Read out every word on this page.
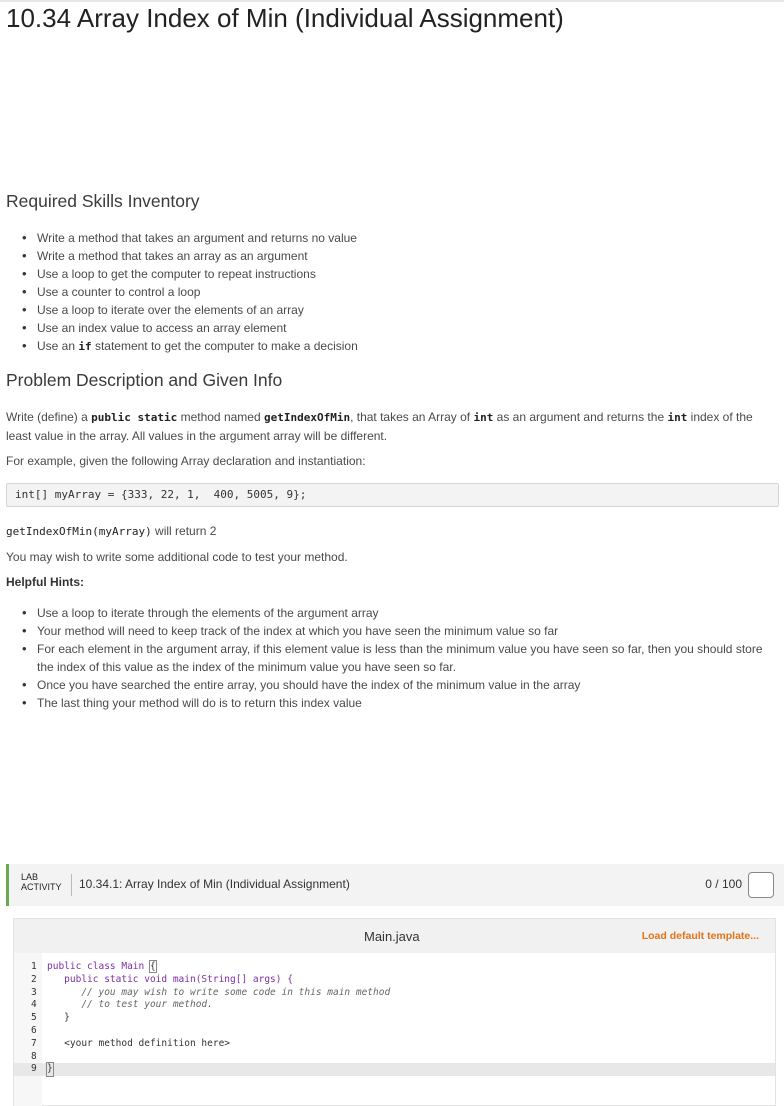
10.34 Array Index of Min (Individual Assignment)
Required Skills Inventory
• Write a method that takes an argument and returns no value
• Write a method that takes an array as an argument
• Use a loop to get the computer to repeat instructions
• Use a counter to control a loop
• Use a loop to iterate over the elements of an array
• Use an index value to access an array element
• Use an if statement to get the computer to make a decision
Problem Description and Given Info
Write (define) a public static method named getIndexOfMin, that takes an Array of int as an argument and returns the int index of the least value in the array. All values in the argument array will be different.
For example, given the following Array declaration and instantiation:
int[] myArray = {333, 22, 1,  400, 5005, 9};
getIndexOfMin(myArray) will return 2
You may wish to write some additional code to test your method.
Helpful Hints:
• Use a loop to iterate through the elements of the argument array
• Your method will need to keep track of the index at which you have seen the minimum value so far
• For each element in the argument array, if this element value is less than the minimum value you have seen so far, then you should store the index of this value as the index of the minimum value you have seen so far.
• Once you have searched the entire array, you should have the index of the minimum value in the array
• The last thing your method will do is to return this index value
LAB
ACTIVITY 10.34.1: Array Index of Min (Individual Assignment)	0 / 100
Main.java	Load default template...
1	public class Main {
2	public static void main(String[] args) {
3	// you may wish to write some code in this main method
4	// to test your method.
5	}
6
7	<your method definition here>
8
9	}
